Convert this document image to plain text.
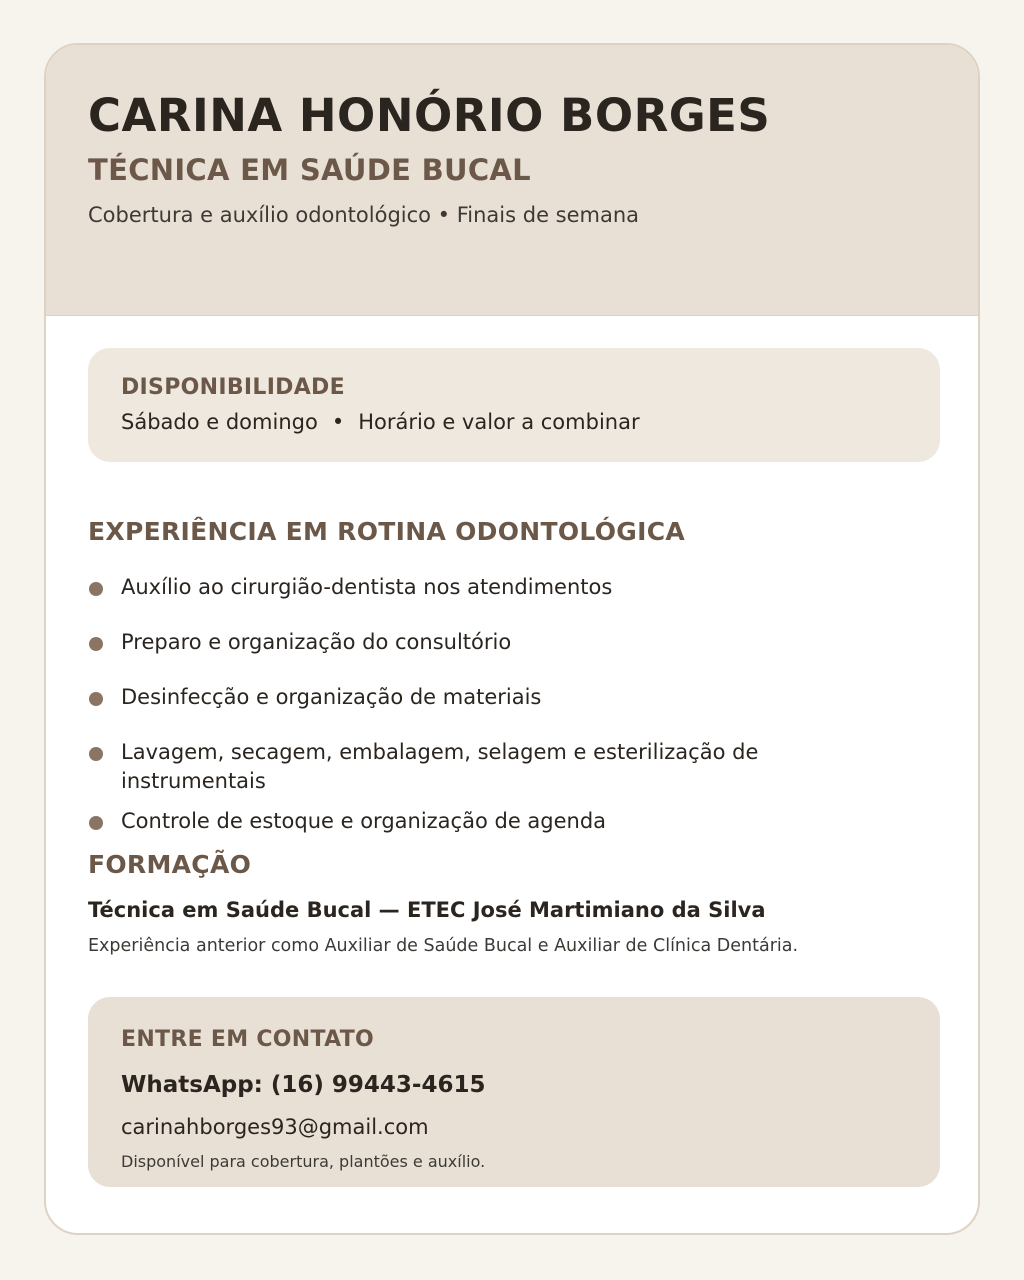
CARINA HONÓRIO BORGES
TÉCNICA EM SAÚDE BUCAL

Cobertura e auxílio odontológico • Finais de semana

DISPONIBILIDADE

Sábado e domingo • Horário e valor a combinar

EXPERIÊNCIA EM ROTINA ODONTOLÓGICA
Auxílio ao cirurgião-dentista nos atendimentos
Preparo e organização do consultório
Desinfecção e organização de materiais
Lavagem, secagem, embalagem, selagem e esterilização de instrumentais
Controle de estoque e organização de agenda
FORMAÇÃO

Técnica em Saúde Bucal — ETEC José Martimiano da Silva

Experiência anterior como Auxiliar de Saúde Bucal e Auxiliar de Clínica Dentária.

ENTRE EM CONTATO

WhatsApp: (16) 99443-4615

carinahborges93@gmail.com

Disponível para cobertura, plantões e auxílio.
